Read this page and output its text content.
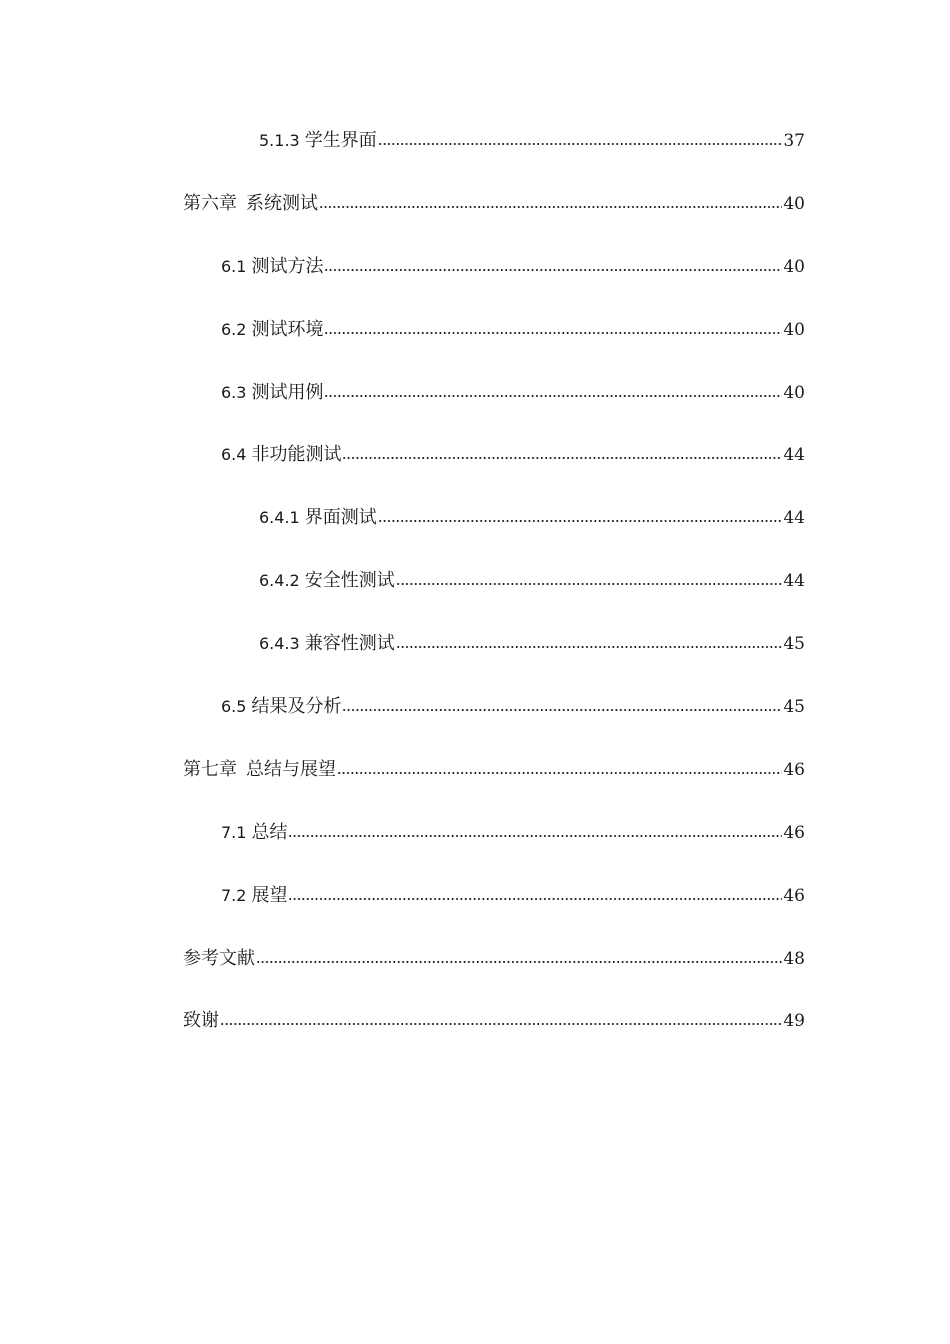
5.1.3 学生界面	37
第六章  系统测试	40
6.1 测试方法	40
6.2 测试环境	40
6.3 测试用例	40
6.4 非功能测试	44
6.4.1 界面测试	44
6.4.2 安全性测试	44
6.4.3 兼容性测试	45
6.5 结果及分析	45
第七章  总结与展望	46
7.1 总结	46
7.2 展望	46
参考文献	48
致谢	49
